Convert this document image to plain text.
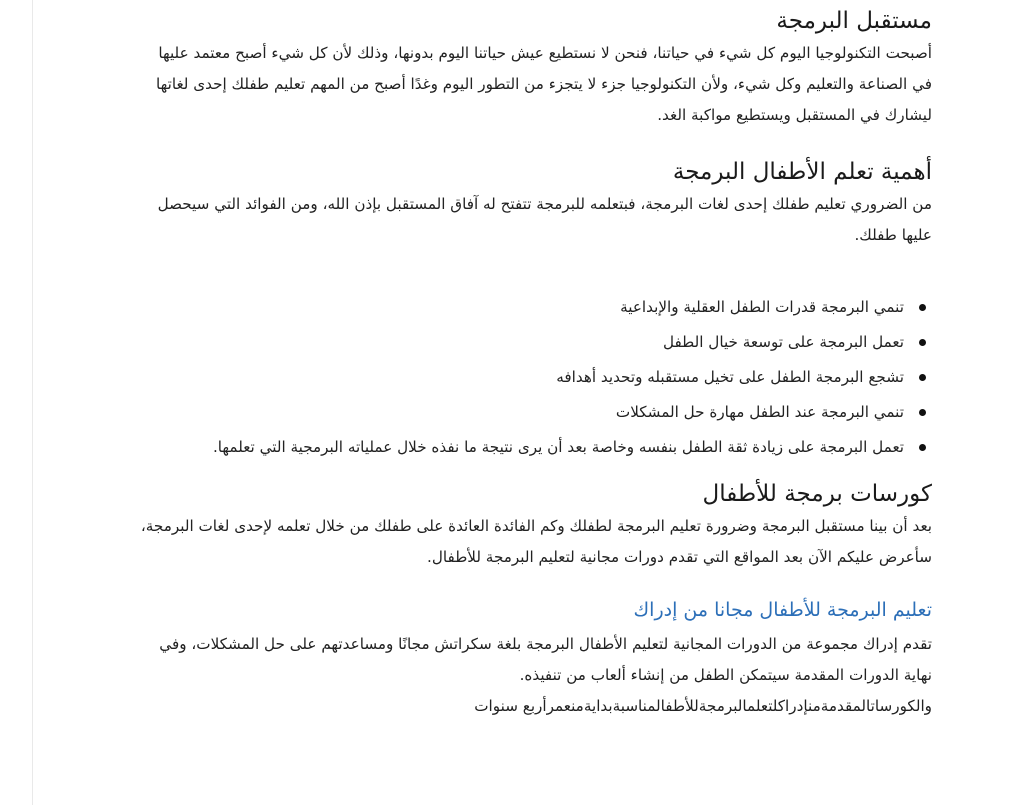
مستقبل البرمجة

أصبحت التكنولوجيا اليوم كل شيء في حياتنا، فنحن لا نستطيع عيش حياتنا اليوم بدونها، وذلك لأن كل شيء أصبح معتمد عليها في الصناعة والتعليم وكل شيء، ولأن التكنولوجيا جزء لا يتجزء من التطور اليوم وغدًا أصبح من المهم تعليم طفلك إحدى لغاتها ليشارك في المستقبل ويستطيع مواكبة الغد.

أهمية تعلم الأطفال البرمجة

من الضروري تعليم طفلك إحدى لغات البرمجة، فبتعلمه للبرمجة تتفتح له آفاق المستقبل بإذن الله، ومن الفوائد التي سيحصل عليها طفلك.

تنمي البرمجة قدرات الطفل العقلية والإبداعية
تعمل البرمجة على توسعة خيال الطفل
تشجع البرمجة الطفل على تخيل مستقبله وتحديد أهدافه
تنمي البرمجة عند الطفل مهارة حل المشكلات
تعمل البرمجة على زيادة ثقة الطفل بنفسه وخاصة بعد أن يرى نتيجة ما نفذه خلال عملياته البرمجية التي تعلمها.
كورسات برمجة للأطفال

بعد أن بينا مستقبل البرمجة وضرورة تعليم البرمجة لطفلك وكم الفائدة العائدة على طفلك من خلال تعلمه لإحدى لغات البرمجة، سأعرض عليكم الآن بعد المواقع التي تقدم دورات مجانية لتعليم البرمجة للأطفال.

تعليم البرمجة للأطفال مجانا من إدراك

تقدم إدراك مجموعة من الدورات المجانية لتعليم الأطفال البرمجة بلغة سكراتش مجانًا ومساعدتهم على حل المشكلات، وفي نهاية الدورات المقدمة سيتمكن الطفل من إنشاء ألعاب من تنفيذه.

والكورساتالمقدمةمنإدراكلتعلمالبرمجةللأطفالمناسبةبدايةمنعمرأربع سنوات
